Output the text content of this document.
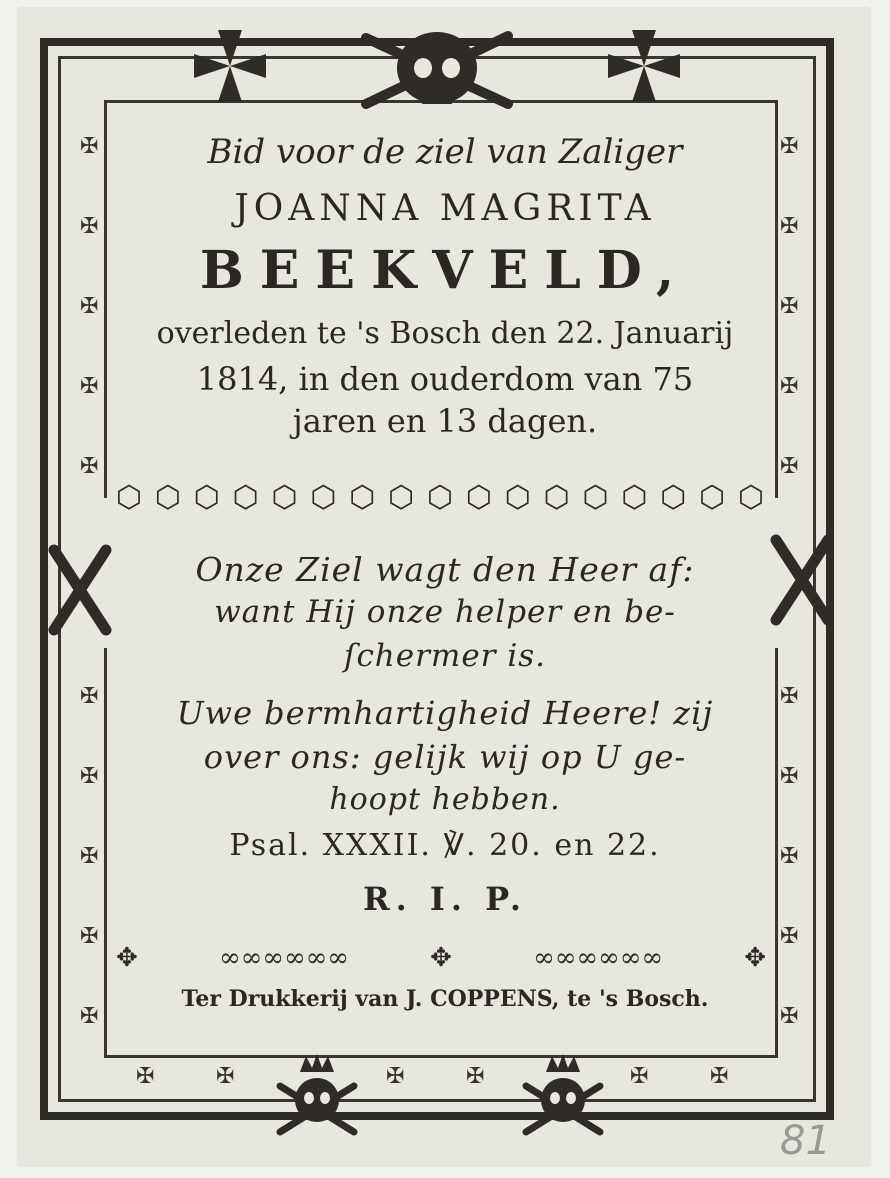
✠
✠
✠
✠
✠
✠
✠
✠
✠
✠
✠
✠
✠
✠
✠
✠
✠
✠
✠
✠
Bid voor de ziel van Zaliger
JOANNA MAGRITA
BEEKVELD,
overleden te 's Bosch den 22. Januarij
1814, in den ouderdom van 75
jaren en 13 dagen.
⬡ ⬡ ⬡ ⬡ ⬡ ⬡ ⬡ ⬡ ⬡ ⬡ ⬡ ⬡ ⬡ ⬡ ⬡ ⬡ ⬡
Onze Ziel wagt den Heer af:
want Hij onze helper en be-
ſchermer is.
Uwe bermhartigheid Heere! zij
over ons: gelijk wij op U ge-
hoopt hebben.
Psal. XXXII. ℣. 20. en 22.
R. I. P.
✥	∞∞∞∞∞∞	✥	∞∞∞∞∞∞	✥
Ter Drukkerij van J. COPPENS, te 's Bosch.
✠	✠	✠	✠	✠	✠
81
